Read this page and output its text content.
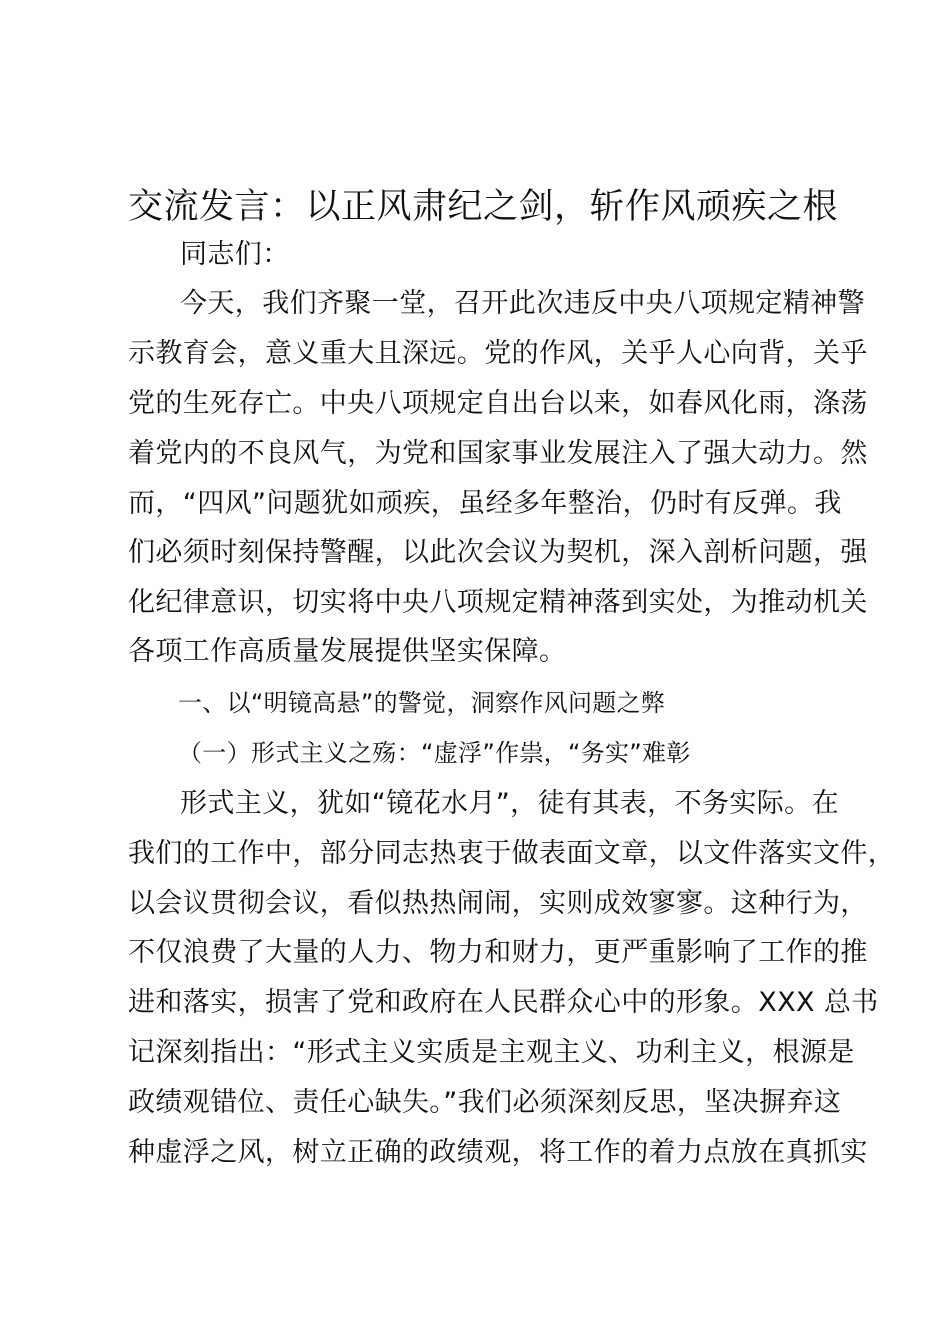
交流发言：以正风肃纪之剑，斩作风顽疾之根
同志们：
今天，我们齐聚一堂，召开此次违反中央八项规定精神警
示教育会，意义重大且深远。党的作风，关乎人心向背，关乎
党的生死存亡。中央八项规定自出台以来，如春风化雨，涤荡
着党内的不良风气，为党和国家事业发展注入了强大动力。然
而，“四风”问题犹如顽疾，虽经多年整治，仍时有反弹。我
们必须时刻保持警醒，以此次会议为契机，深入剖析问题，强
化纪律意识，切实将中央八项规定精神落到实处，为推动机关
各项工作高质量发展提供坚实保障。
一、以“明镜高悬”的警觉，洞察作风问题之弊
（一）形式主义之殇：“虚浮”作祟，“务实”难彰
形式主义，犹如“镜花水月”，徒有其表，不务实际。在
我们的工作中，部分同志热衷于做表面文章，以文件落实文件，
以会议贯彻会议，看似热热闹闹，实则成效寥寥。这种行为，
不仅浪费了大量的人力、物力和财力，更严重影响了工作的推
进和落实，损害了党和政府在人民群众心中的形象。XXX 总书
记深刻指出：“形式主义实质是主观主义、功利主义，根源是
政绩观错位、责任心缺失。”我们必须深刻反思，坚决摒弃这
种虚浮之风，树立正确的政绩观，将工作的着力点放在真抓实
